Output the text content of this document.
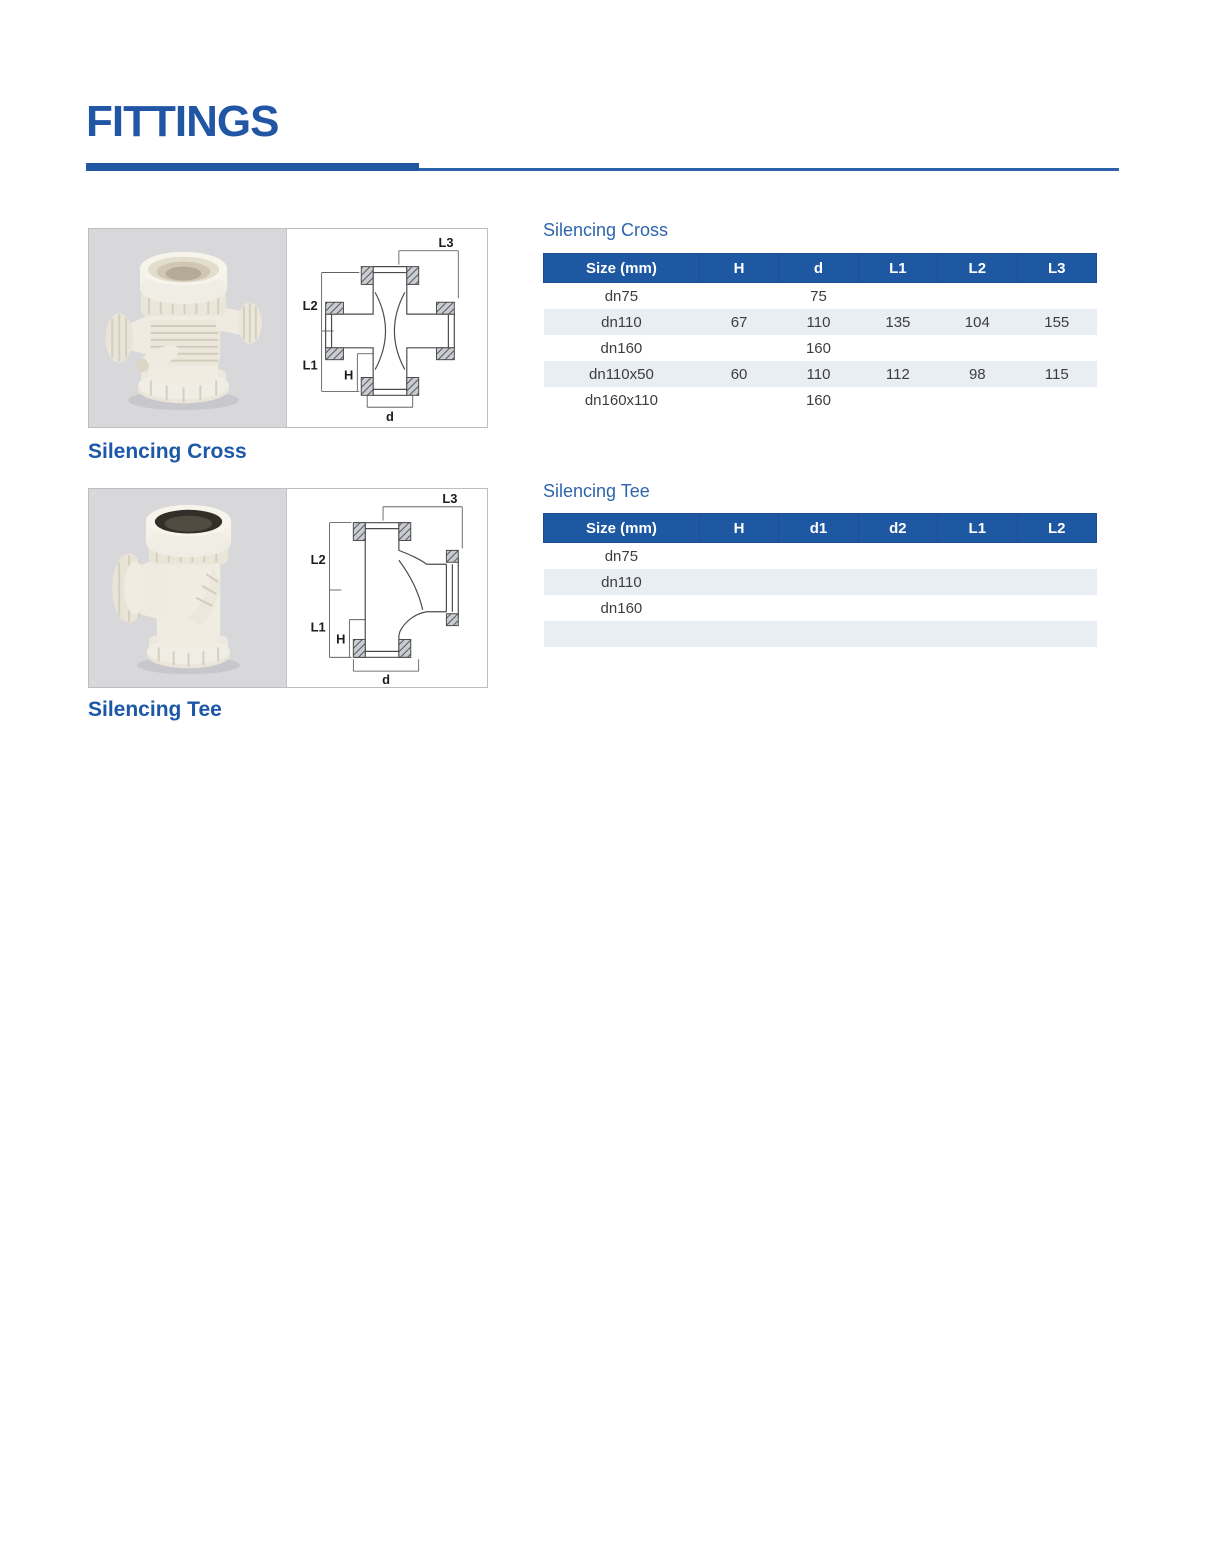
FITTINGS
L3
L2
L1
H
d

Silencing Cross

L3
L2
L1
H
d

Silencing Tee

Silencing Cross
Size (mm)	H	d	L1	L2	L3
dn75		75			
dn110	67	110	135	104	155
dn160		160			
dn110x50	60	110	112	98	115
dn160x110		160			
Silencing Tee
Size (mm)	H	d1	d2	L1	L2
dn75					
dn110					
dn160					
